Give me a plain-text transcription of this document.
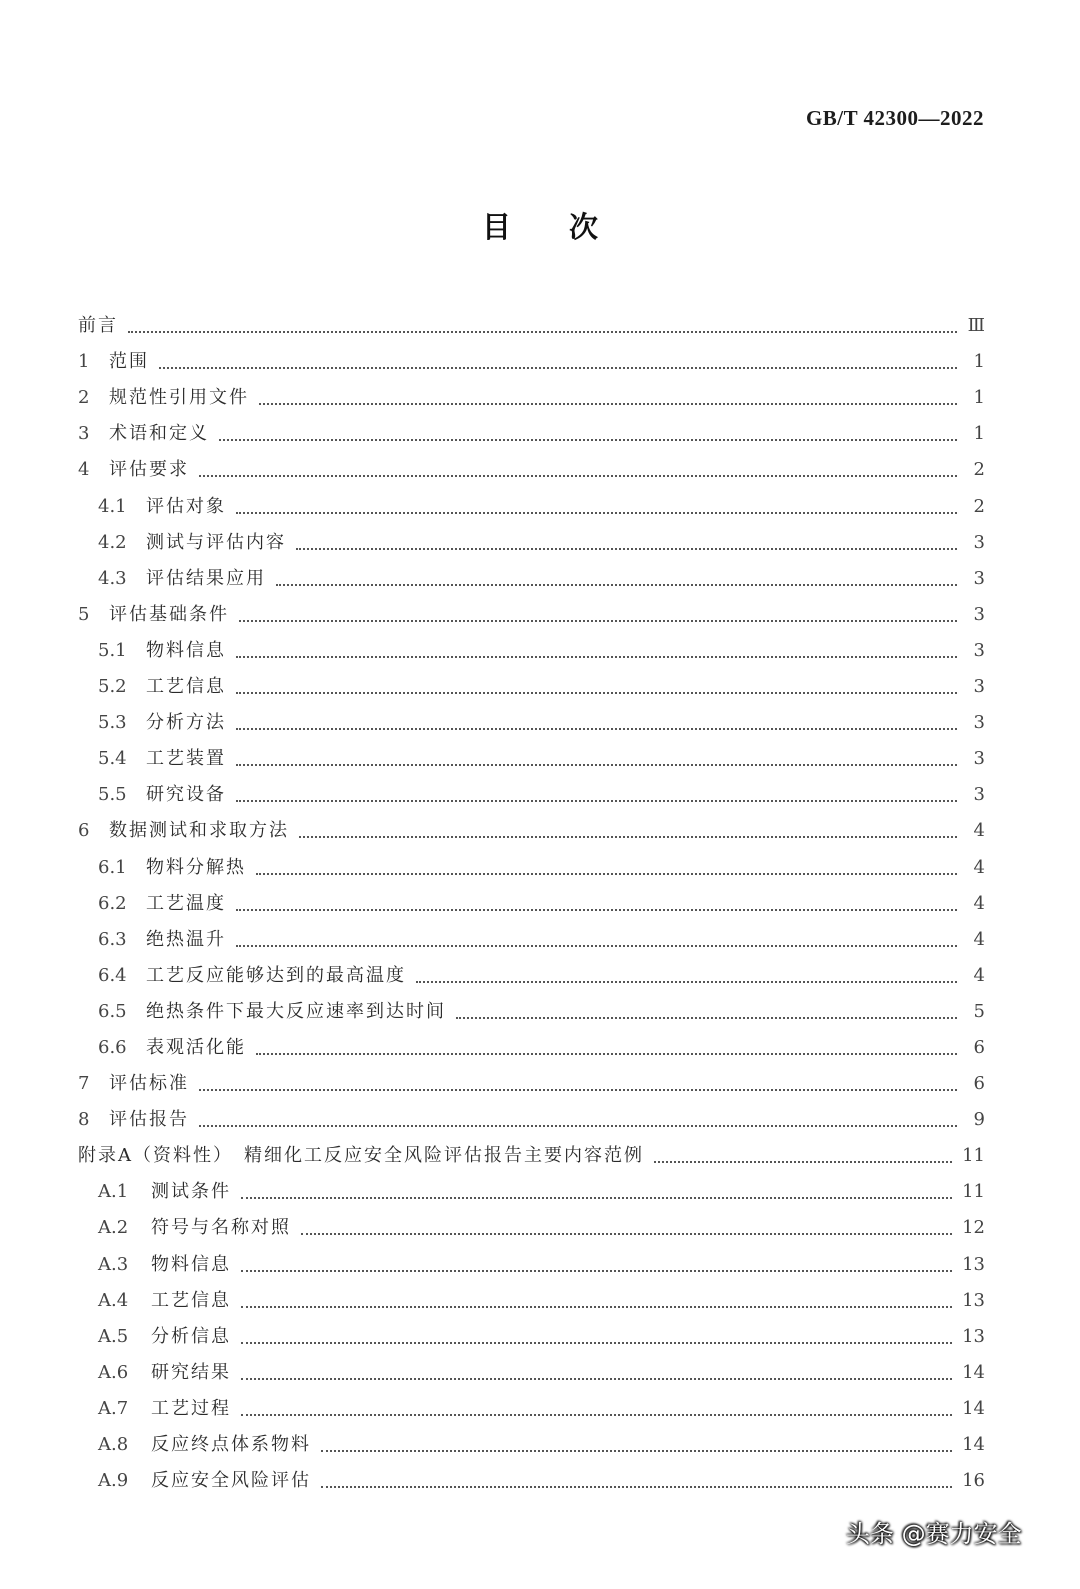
GB/T 42300—2022
目次
前言	Ⅲ
1	范围	1
2	规范性引用文件	1
3	术语和定义	1
4	评估要求	2
4.1	评估对象	2
4.2	测试与评估内容	3
4.3	评估结果应用	3
5	评估基础条件	3
5.1	物料信息	3
5.2	工艺信息	3
5.3	分析方法	3
5.4	工艺装置	3
5.5	研究设备	3
6	数据测试和求取方法	4
6.1	物料分解热	4
6.2	工艺温度	4
6.3	绝热温升	4
6.4	工艺反应能够达到的最高温度	4
6.5	绝热条件下最大反应速率到达时间	5
6.6	表观活化能	6
7	评估标准	6
8	评估报告	9
附录A（资料性）　精细化工反应安全风险评估报告主要内容范例	11
A.1	测试条件	11
A.2	符号与名称对照	12
A.3	物料信息	13
A.4	工艺信息	13
A.5	分析信息	13
A.6	研究结果	14
A.7	工艺过程	14
A.8	反应终点体系物料	14
A.9	反应安全风险评估	16
头条 @赛力安全
